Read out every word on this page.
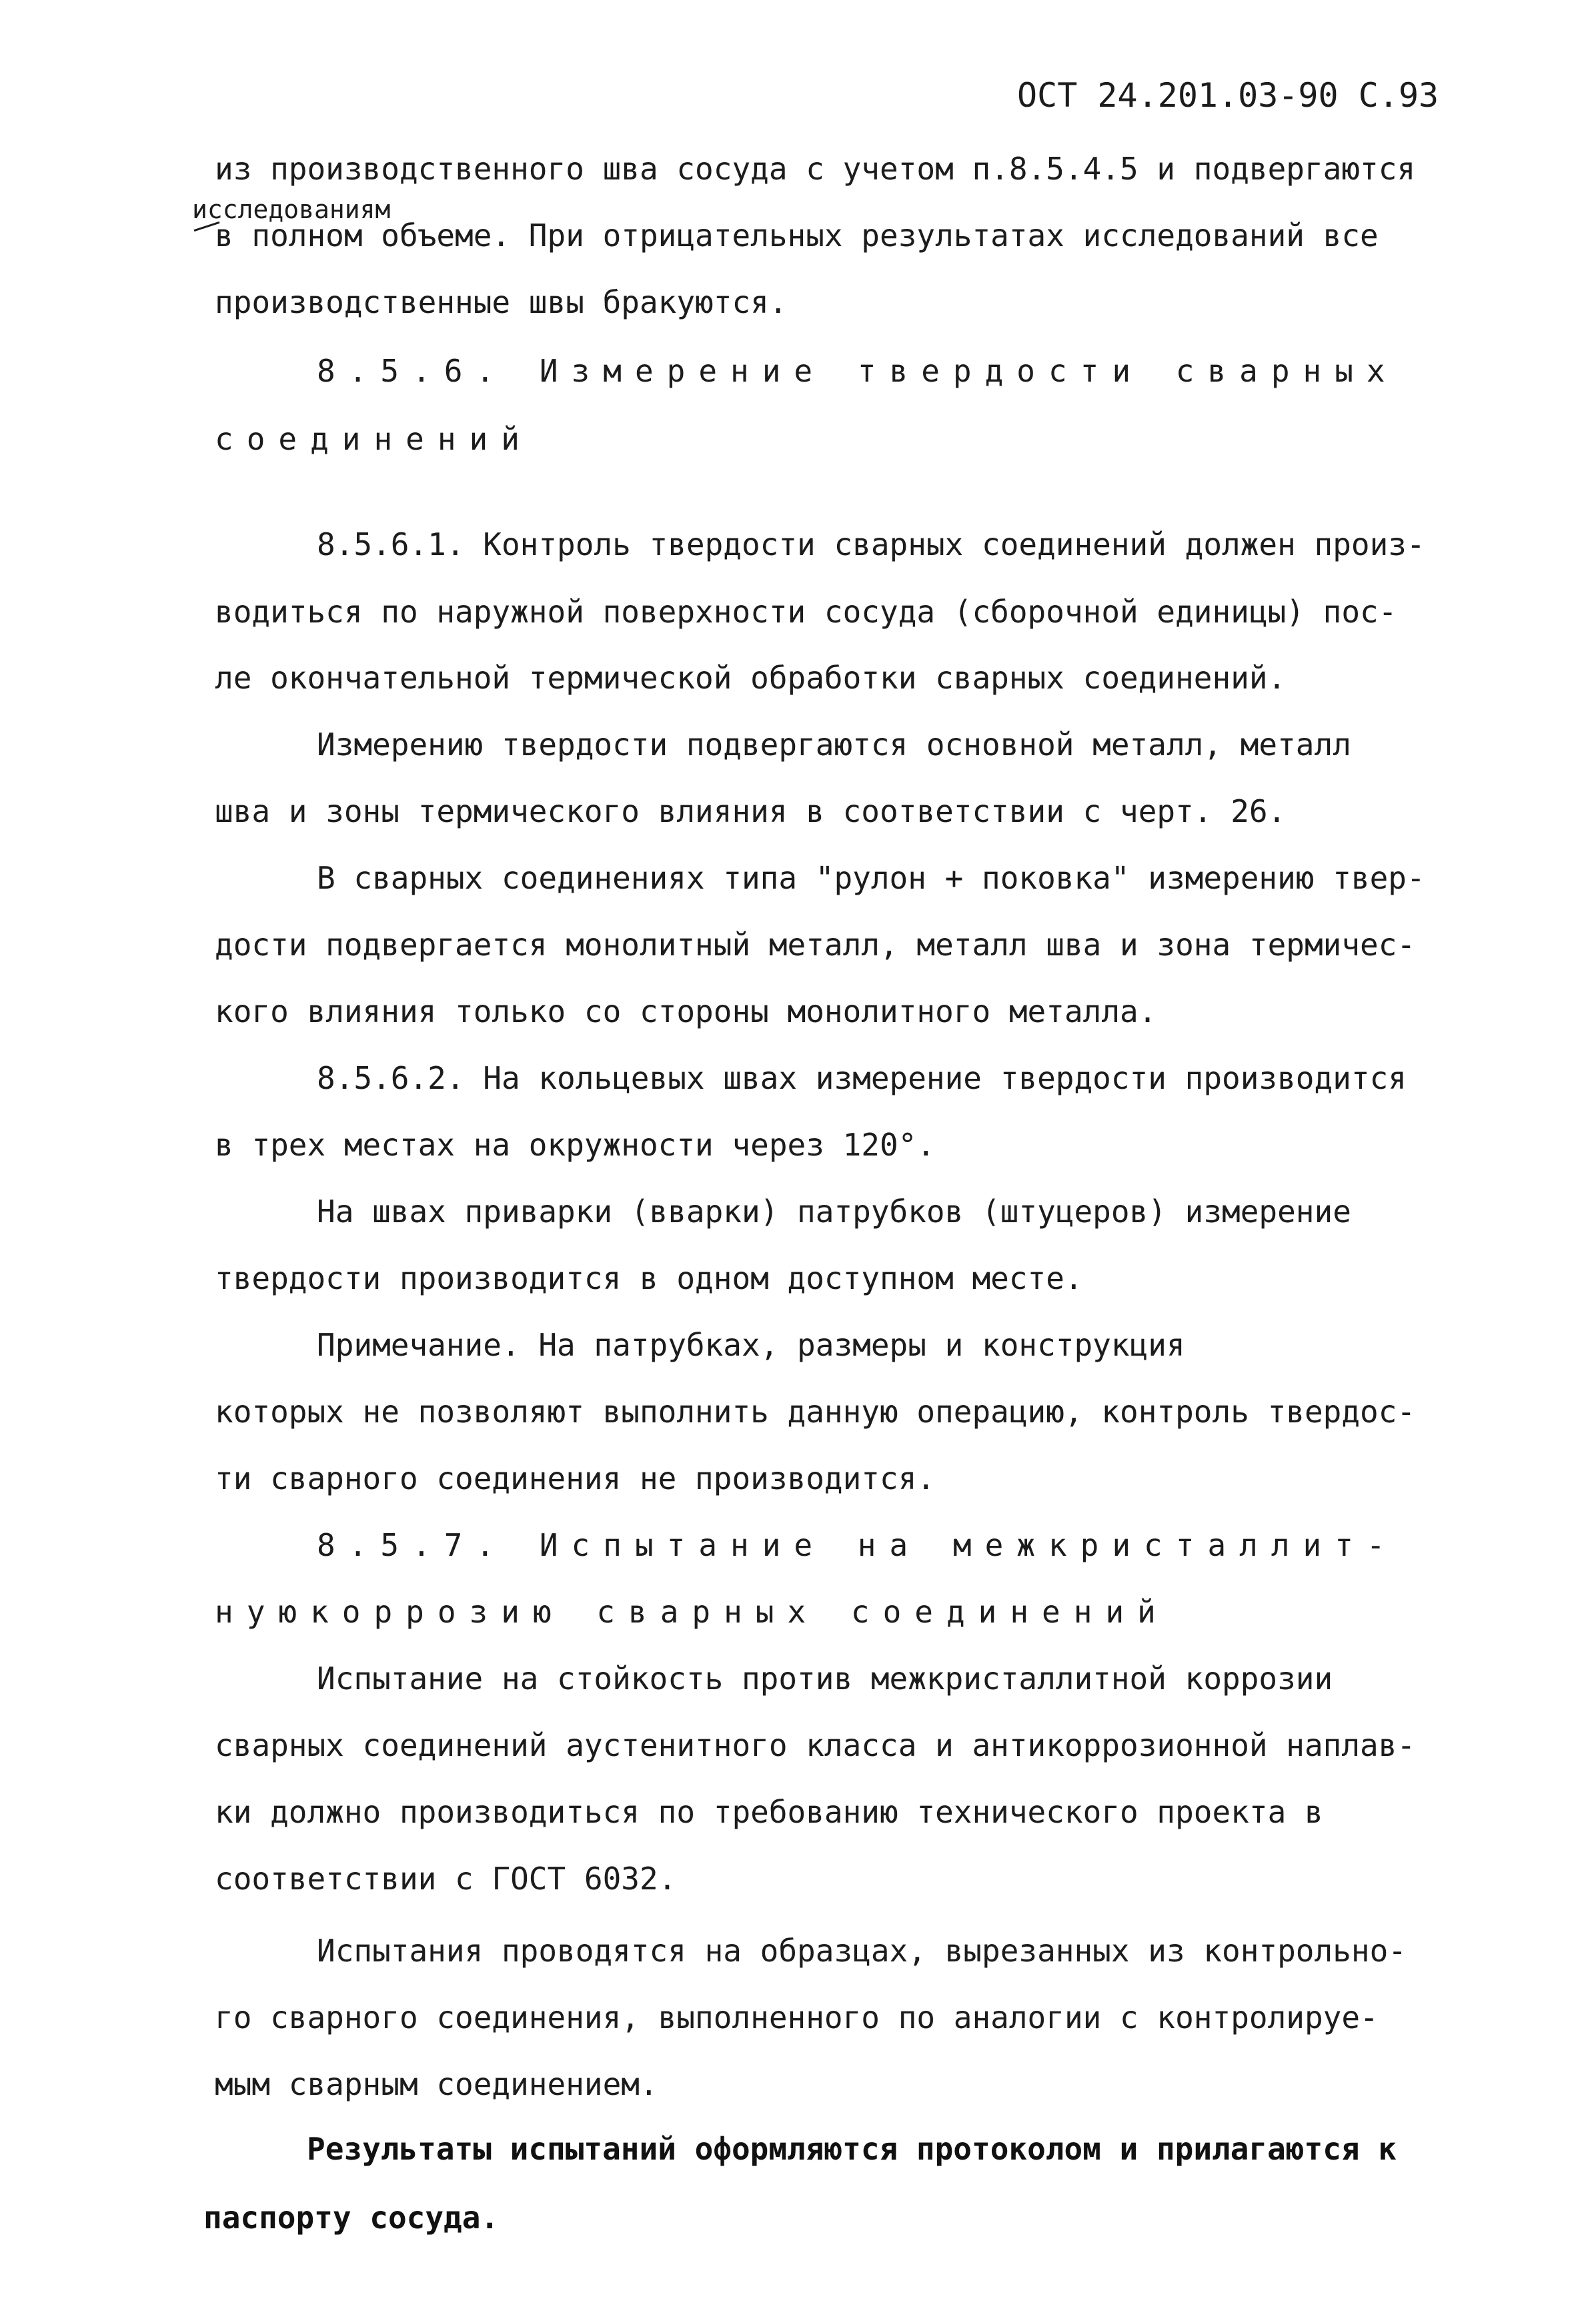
ОСТ 24.201.03-90 С.93
из производственного шва сосуда с учетом п.8.5.4.5 и подвергаются
исследованиям
в полном объеме. При отрицательных результатах исследований все
производственные швы бракуются.
8.5.6. Измерение твердости сварных
соединений
8.5.6.1. Контроль твердости сварных соединений должен произ-
водиться по наружной поверхности сосуда (сборочной единицы) пос-
ле окончательной термической обработки сварных соединений.
Измерению твердости подвергаются основной металл, металл
шва и зоны термического влияния в соответствии с черт. 26.
В сварных соединениях типа "рулон + поковка" измерению твер-
дости подвергается монолитный металл, металл шва и зона термичес-
кого влияния только со стороны монолитного металла.
8.5.6.2. На кольцевых швах измерение твердости производится
в трех местах на окружности через 120°.
На швах приварки (вварки) патрубков (штуцеров) измерение
твердости производится в одном доступном месте.
Примечание. На патрубках, размеры и конструкция
которых не позволяют выполнить данную операцию, контроль твердос-
ти сварного соединения не производится.
8.5.7. Испытание на межкристаллит-
нуюкоррозию сварных соединений
Испытание на стойкость против межкристаллитной коррозии
сварных соединений аустенитного класса и антикоррозионной наплав-
ки должно производиться по требованию технического проекта в
соответствии с ГОСТ 6032.
Испытания проводятся на образцах, вырезанных из контрольно-
го сварного соединения, выполненного по аналогии с контролируе-
мым сварным соединением.
Результаты испытаний оформляются протоколом и прилагаются к
паспорту сосуда.
